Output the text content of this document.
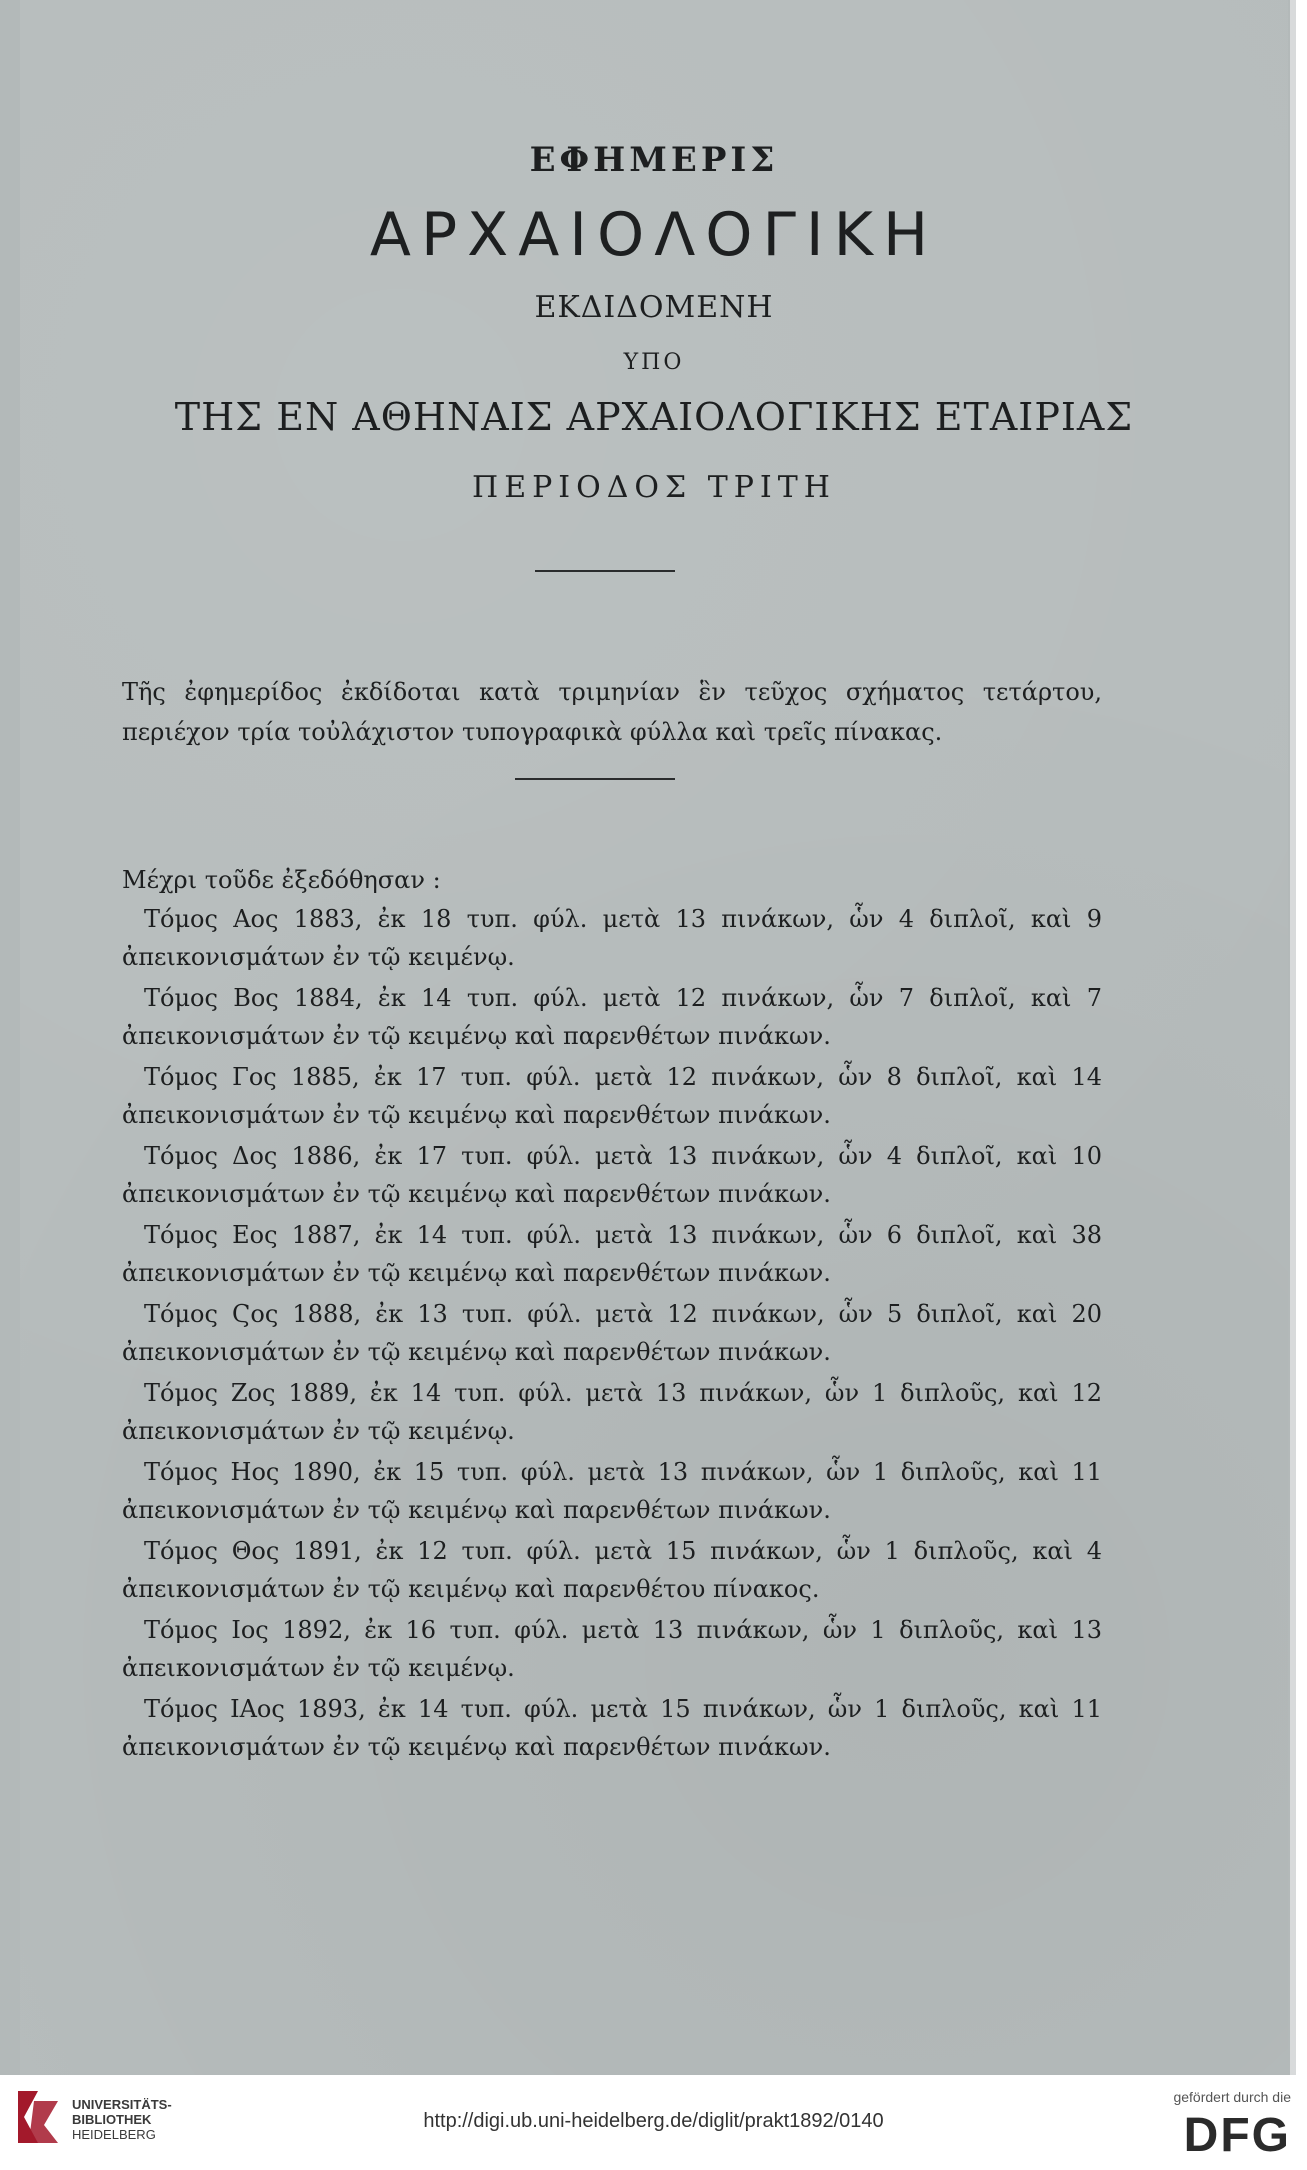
ΕΦΗΜΕΡΙΣ
ΑΡΧΑΙΟΛΟΓΙΚΗ
ΕΚΔΙΔΟΜΕΝΗ
ΥΠΟ
ΤΗΣ ΕΝ ΑΘΗΝΑΙΣ ΑΡΧΑΙΟΛΟΓΙΚΗΣ ΕΤΑΙΡΙΑΣ
ΠΕΡΙΟΔΟΣ ΤΡΙΤΗ

Τῆς ἐφημερίδος ἐκδίδοται κατὰ τριμηνίαν ἓν τεῦχος σχήματος τετάρτου, περιέχον τρία τοὐλάχιστον τυπογραφικὰ φύλλα καὶ τρεῖς πίνακας.

Μέχρι τοῦδε ἐξεδόθησαν :
Τόμος Αος 1883, ἐκ 18 τυπ. φύλ. μετὰ 13 πινάκων, ὧν 4 διπλοῖ, καὶ 9 ἀπεικονισμάτων ἐν τῷ κειμένῳ.
Τόμος Βος 1884, ἐκ 14 τυπ. φύλ. μετὰ 12 πινάκων, ὧν 7 διπλοῖ, καὶ 7 ἀπεικονισμάτων ἐν τῷ κειμένῳ καὶ παρενθέτων πινάκων.
Τόμος Γος 1885, ἐκ 17 τυπ. φύλ. μετὰ 12 πινάκων, ὧν 8 διπλοῖ, καὶ 14 ἀπεικονισμάτων ἐν τῷ κειμένῳ καὶ παρενθέτων πινάκων.
Τόμος Δος 1886, ἐκ 17 τυπ. φύλ. μετὰ 13 πινάκων, ὧν 4 διπλοῖ, καὶ 10 ἀπεικονισμάτων ἐν τῷ κειμένῳ καὶ παρενθέτων πινάκων.
Τόμος Εος 1887, ἐκ 14 τυπ. φύλ. μετὰ 13 πινάκων, ὧν 6 διπλοῖ, καὶ 38 ἀπεικονισμάτων ἐν τῷ κειμένῳ καὶ παρενθέτων πινάκων.
Τόμος Ϛος 1888, ἐκ 13 τυπ. φύλ. μετὰ 12 πινάκων, ὧν 5 διπλοῖ, καὶ 20 ἀπεικονισμάτων ἐν τῷ κειμένῳ καὶ παρενθέτων πινάκων.
Τόμος Ζος 1889, ἐκ 14 τυπ. φύλ. μετὰ 13 πινάκων, ὧν 1 διπλοῦς, καὶ 12 ἀπεικονισμάτων ἐν τῷ κειμένῳ.
Τόμος Ηος 1890, ἐκ 15 τυπ. φύλ. μετὰ 13 πινάκων, ὧν 1 διπλοῦς, καὶ 11 ἀπεικονισμάτων ἐν τῷ κειμένῳ καὶ παρενθέτων πινάκων.
Τόμος Θος 1891, ἐκ 12 τυπ. φύλ. μετὰ 15 πινάκων, ὧν 1 διπλοῦς, καὶ 4 ἀπεικονισμάτων ἐν τῷ κειμένῳ καὶ παρενθέτου πίνακος.
Τόμος Ιος 1892, ἐκ 16 τυπ. φύλ. μετὰ 13 πινάκων, ὧν 1 διπλοῦς, καὶ 13 ἀπεικονισμάτων ἐν τῷ κειμένῳ.
Τόμος ΙΑος 1893, ἐκ 14 τυπ. φύλ. μετὰ 15 πινάκων, ὧν 1 διπλοῦς, καὶ 11 ἀπεικονισμάτων ἐν τῷ κειμένῳ καὶ παρενθέτων πινάκων.
UNIVERSITÄTS-
BIBLIOTHEK
HEIDELBERG
http://digi.ub.uni-heidelberg.de/diglit/prakt1892/0140
gefördert durch die
DFG
